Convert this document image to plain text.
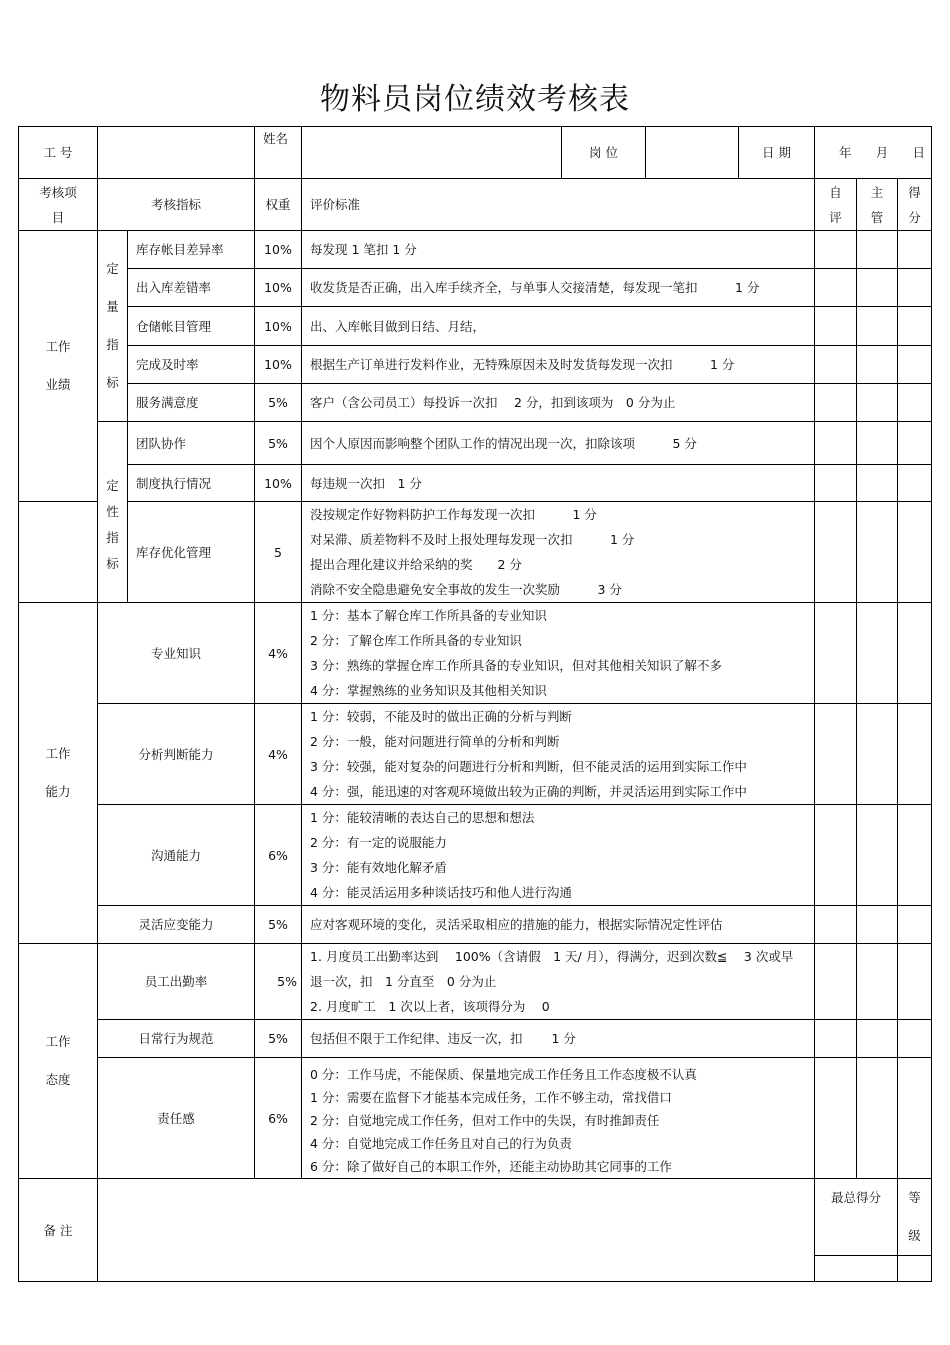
物料员岗位绩效考核表
工 号			姓名		岗 位		日 期	年 月 日		

考核项目	考核指标		权重	评价标准				自评	主管	得分
工作业绩	定量指标	库存帐目差异率	10%	每发现 1 笔扣 1 分						
		出入库差错率	10%	收发货是否正确，出入库手续齐全，与单事人交接清楚，每发现一笔扣　　　1 分						
		仓储帐目管理	10%	出、入库帐目做到日结、月结，						
		完成及时率	10%	根据生产订单进行发料作业，无特殊原因未及时发货每发现一次扣　　　1 分						
		服务满意度	5%	客户（含公司员工）每投诉一次扣　 2 分，扣到该项为　0 分为止						
	定性指标	团队协作	5%	因个人原因而影响整个团队工作的情况出现一次，扣除该项　　　5 分						
		制度执行情况	10%	每违规一次扣　1 分						
		库存优化管理	5	没按规定作好物料防护工作每发现一次扣　　　1 分
对呆滞、质差物料不及时上报处理每发现一次扣　　　1 分
提出合理化建议并给采纳的奖　　2 分
消除不安全隐患避免安全事故的发生一次奖励　　　3 分						

工作能力	专业知识		4%	1 分：基本了解仓库工作所具备的专业知识
2 分：了解仓库工作所具备的专业知识
3 分：熟练的掌握仓库工作所具备的专业知识，但对其他相关知识了解不多
4 分：掌握熟练的业务知识及其他相关知识						

	分析判断能力		4%	1 分：较弱，不能及时的做出正确的分析与判断
2 分：一般，能对问题进行简单的分析和判断
3 分：较强，能对复杂的问题进行分析和判断，但不能灵活的运用到实际工作中
4 分：强，能迅速的对客观环境做出较为正确的判断，并灵活运用到实际工作中						

	沟通能力		6%	1 分：能较清晰的表达自己的思想和想法
2 分：有一定的说服能力
3 分：能有效地化解矛盾
4 分：能灵活运用多种谈话技巧和他人进行沟通						

	灵活应变能力		5%	应对客观环境的变化，灵活采取相应的措施的能力，根据实际情况定性评估						
工作态度	员工出勤率		5%	1. 月度员工出勤率达到　 100%（含请假　1 天/ 月），得满分，迟到次数≦　 3 次或早
退一次，扣　1 分直至　0 分为止
2. 月度旷工　1 次以上者，该项得分为　 0						

	日常行为规范		5%	包括但不限于工作纪律、违反一次，扣　　 1 分						
	责任感		6%	0 分：工作马虎，不能保质、保量地完成工作任务且工作态度极不认真
1 分：需要在监督下才能基本完成任务，工作不够主动，常找借口
2 分：自觉地完成工作任务，但对工作中的失误，有时推卸责任
4 分：自觉地完成工作任务且对自己的行为负责
6 分：除了做好自己的本职工作外，还能主动协助其它同事的工作						

备 注								最总得分		等级
